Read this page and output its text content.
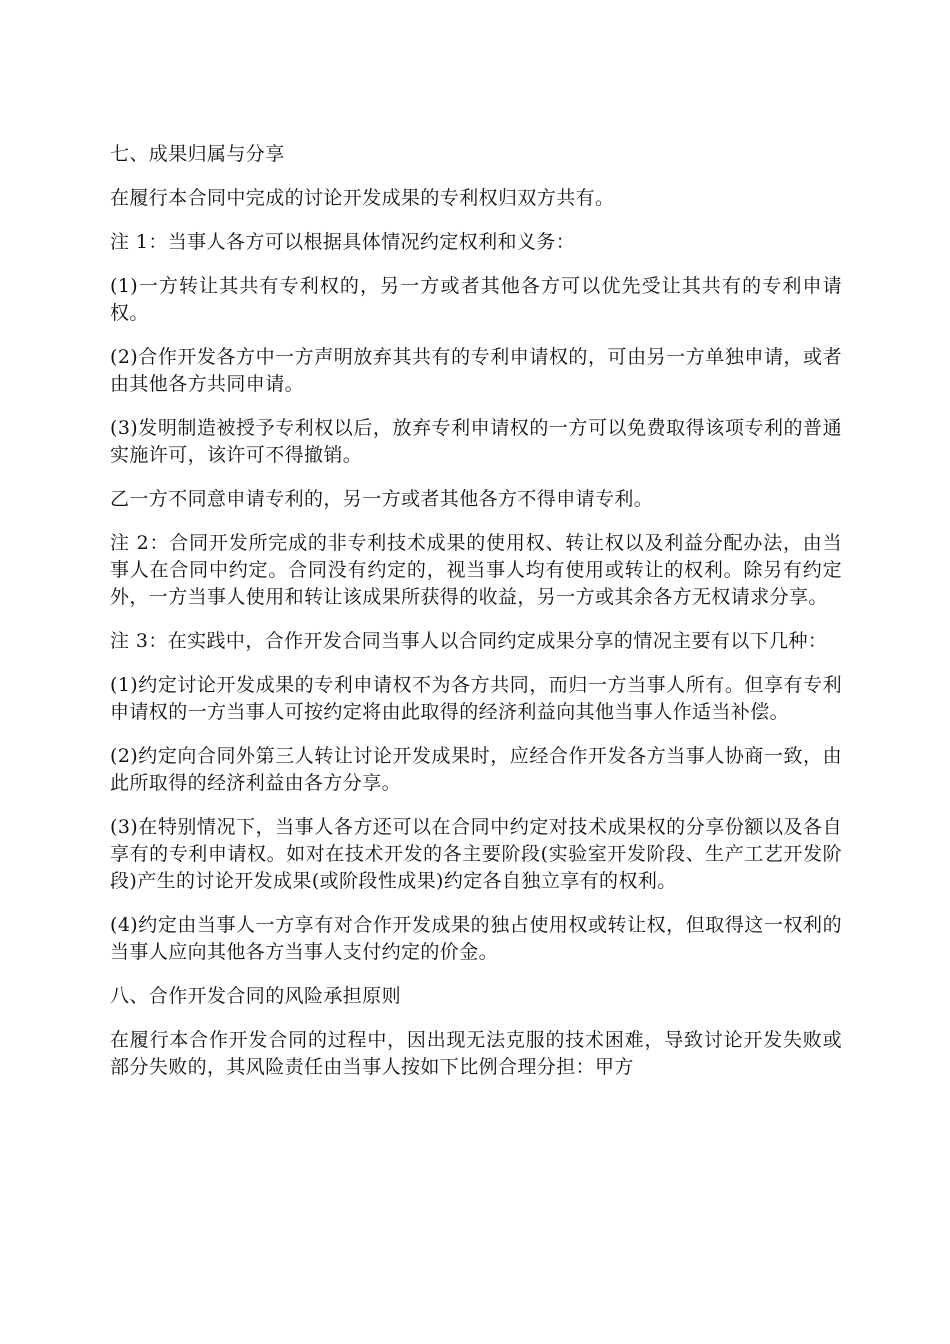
七、成果归属与分享

在履行本合同中完成的讨论开发成果的专利权归双方共有。

注 1：当事人各方可以根据具体情况约定权利和义务：

(1)一方转让其共有专利权的，另一方或者其他各方可以优先受让其共有的专利申请权。

(2)合作开发各方中一方声明放弃其共有的专利申请权的，可由另一方单独申请，或者由其他各方共同申请。

(3)发明制造被授予专利权以后，放弃专利申请权的一方可以免费取得该项专利的普通实施许可，该许可不得撤销。

乙一方不同意申请专利的，另一方或者其他各方不得申请专利。

注 2：合同开发所完成的非专利技术成果的使用权、转让权以及利益分配办法，由当事人在合同中约定。合同没有约定的，视当事人均有使用或转让的权利。除另有约定外，一方当事人使用和转让该成果所获得的收益，另一方或其余各方无权请求分享。

注 3：在实践中，合作开发合同当事人以合同约定成果分享的情况主要有以下几种：

(1)约定讨论开发成果的专利申请权不为各方共同，而归一方当事人所有。但享有专利申请权的一方当事人可按约定将由此取得的经济利益向其他当事人作适当补偿。

(2)约定向合同外第三人转让讨论开发成果时，应经合作开发各方当事人协商一致，由此所取得的经济利益由各方分享。

(3)在特别情况下，当事人各方还可以在合同中约定对技术成果权的分享份额以及各自享有的专利申请权。如对在技术开发的各主要阶段(实验室开发阶段、生产工艺开发阶段)产生的讨论开发成果(或阶段性成果)约定各自独立享有的权利。

(4)约定由当事人一方享有对合作开发成果的独占使用权或转让权，但取得这一权利的当事人应向其他各方当事人支付约定的价金。

八、合作开发合同的风险承担原则

在履行本合作开发合同的过程中，因出现无法克服的技术困难，导致讨论开发失败或部分失败的，其风险责任由当事人按如下比例合理分担：甲方
